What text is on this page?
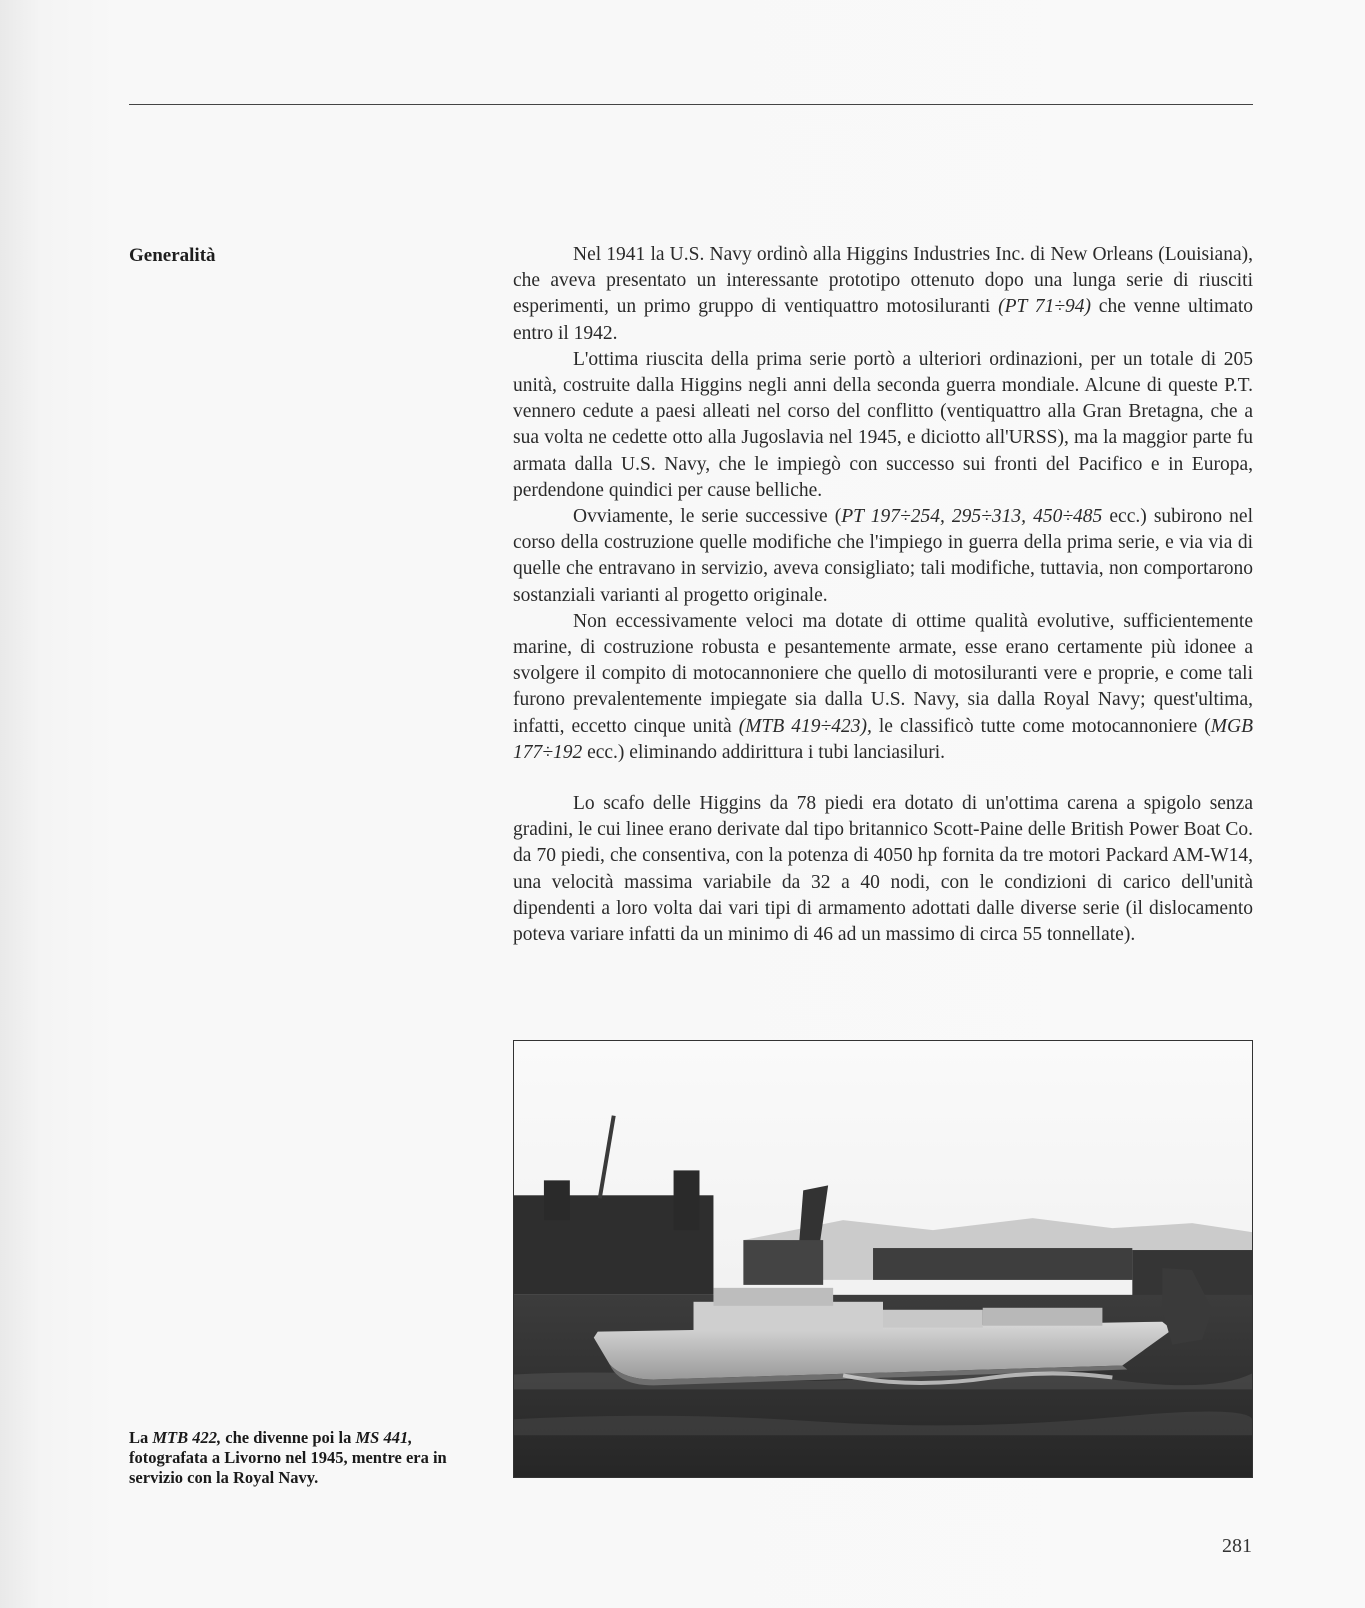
Generalità	Nel 1941 la U.S. Navy ordinò alla Higgins Industries Inc. di New Orleans (Louisiana), che aveva presentato un interessante prototipo ottenuto dopo una lunga serie di riusciti esperimenti, un primo gruppo di ventiquattro motosiluranti (PT 71÷94) che venne ultimato entro il 1942.

L'ottima riuscita della prima serie portò a ulteriori ordinazioni, per un totale di 205 unità, costruite dalla Higgins negli anni della seconda guerra mondiale. Alcune di queste P.T. vennero cedute a paesi alleati nel corso del conflitto (ventiquattro alla Gran Bretagna, che a sua volta ne cedette otto alla Jugoslavia nel 1945, e diciotto all'URSS), ma la maggior parte fu armata dalla U.S. Navy, che le impiegò con successo sui fronti del Pacifico e in Europa, perdendone quindici per cause belliche.

Ovviamente, le serie successive (PT 197÷254, 295÷313, 450÷485 ecc.) subirono nel corso della costruzione quelle modifiche che l'impiego in guerra della prima serie, e via via di quelle che entravano in servizio, aveva consigliato; tali modifiche, tuttavia, non comportarono sostanziali varianti al progetto originale.

Non eccessivamente veloci ma dotate di ottime qualità evolutive, sufficientemente marine, di costruzione robusta e pesantemente armate, esse erano certamente più idonee a svolgere il compito di motocannoniere che quello di motosiluranti vere e proprie, e come tali furono prevalentemente impiegate sia dalla U.S. Navy, sia dalla Royal Navy; quest'ultima, infatti, eccetto cinque unità (MTB 419÷423), le classificò tutte come motocannoniere (MGB 177÷192 ecc.) eliminando addirittura i tubi lanciasiluri.

Lo scafo delle Higgins da 78 piedi era dotato di un'ottima carena a spigolo senza gradini, le cui linee erano derivate dal tipo britannico Scott-Paine delle British Power Boat Co. da 70 piedi, che consentiva, con la potenza di 4050 hp fornita da tre motori Packard AM-W14, una velocità massima variabile da 32 a 40 nodi, con le condizioni di carico dell'unità dipendenti a loro volta dai vari tipi di armamento adottati dalle diverse serie (il dislocamento poteva variare infatti da un minimo di 46 ad un massimo di circa 55 tonnellate).

La MTB 422, che divenne poi la MS 441, fotografata a Livorno nel 1945, mentre era in servizio con la Royal Navy.
281
